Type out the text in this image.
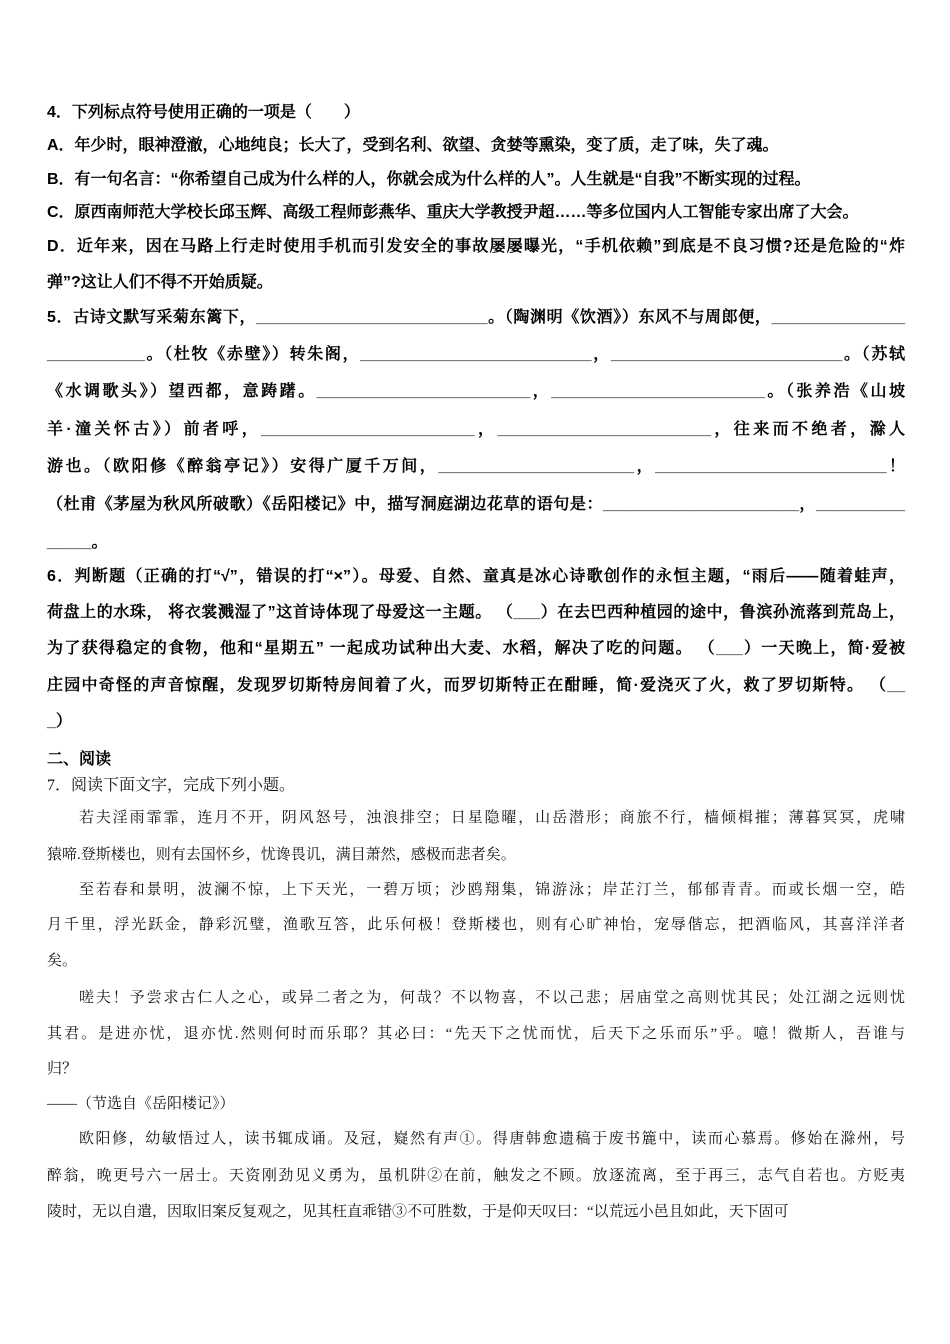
4．下列标点符号使用正确的一项是（　　）
A．年少时，眼神澄澈，心地纯良；长大了，受到名利、欲望、贪婪等熏染，变了质，走了味，失了魂。
B．有一句名言：“你希望自己成为什么样的人，你就会成为什么样的人”。人生就是“自我”不断实现的过程。
C．原西南师范大学校长邱玉辉、高级工程师彭燕华、重庆大学教授尹超……等多位国内人工智能专家出席了大会。
D．近年来，因在马路上行走时使用手机而引发安全的事故屡屡曝光，“手机依赖”到底是不良习惯?还是危险的“炸
弹”?这让人们不得不开始质疑。
5．古诗文默写采菊东篱下，__________________________。（陶渊明《饮酒》）东风不与周郎便，_______________
___________。（杜牧《赤壁》）转朱阁，__________________________，__________________________。（苏轼
《水调歌头》）望西都，意踌躇。________________________，________________________。（张养浩《山坡
羊·潼关怀古》）前者呼，________________________，________________________，往来而不绝者，滁人
游也。（欧阳修《醉翁亭记》）安得广厦千万间，______________________，__________________________！
（杜甫《茅屋为秋风所破歌）《岳阳楼记》中，描写洞庭湖边花草的语句是：______________________，__________
_____。
6．判断题（正确的打“√”，错误的打“×”）。母爱、自然、童真是冰心诗歌创作的永恒主题，“雨后——随着蛙声，
荷盘上的水珠， 将衣裳溅湿了”这首诗体现了母爱这一主题。 （___）在去巴西种植园的途中，鲁滨孙流落到荒岛上，
为了获得稳定的食物，他和“星期五” 一起成功试种出大麦、水稻，解决了吃的问题。 （___）一天晚上，简·爱被
庄园中奇怪的声音惊醒，发现罗切斯特房间着了火，而罗切斯特正在酣睡，简·爱浇灭了火，救了罗切斯特。 （__
_）
二、阅读
7．阅读下面文字，完成下列小题。
若夫淫雨霏霏，连月不开，阴风怒号，浊浪排空；日星隐曜，山岳潜形；商旅不行，樯倾楫摧；薄暮冥冥，虎啸
猿啼.登斯楼也，则有去国怀乡，忧谗畏讥，满目萧然，感极而悲者矣。
至若春和景明，波澜不惊，上下天光，一碧万顷；沙鸥翔集，锦游泳；岸芷汀兰，郁郁青青。而或长烟一空，皓
月千里，浮光跃金，静彩沉璧，渔歌互答，此乐何极！登斯楼也，则有心旷神怡，宠辱偕忘，把酒临风，其喜洋洋者
矣。
嗟夫！予尝求古仁人之心，或异二者之为，何哉？不以物喜，不以己悲；居庙堂之高则忧其民；处江湖之远则忧
其君。是进亦忧，退亦忧.然则何时而乐耶？其必曰：“先天下之忧而忧，后天下之乐而乐”乎。噫！微斯人，吾谁与
归？
——（节选自《岳阳楼记》）
欧阳修，幼敏悟过人，读书辄成诵。及冠，嶷然有声①。得唐韩愈遗稿于废书簏中，读而心慕焉。修始在滁州，号
醉翁，晚更号六一居士。天资刚劲见义勇为，虽机阱②在前，触发之不顾。放逐流离，至于再三，志气自若也。方贬夷
陵时，无以自遣，因取旧案反复观之，见其枉直乖错③不可胜数，于是仰天叹曰：“以荒远小邑且如此，天下固可
